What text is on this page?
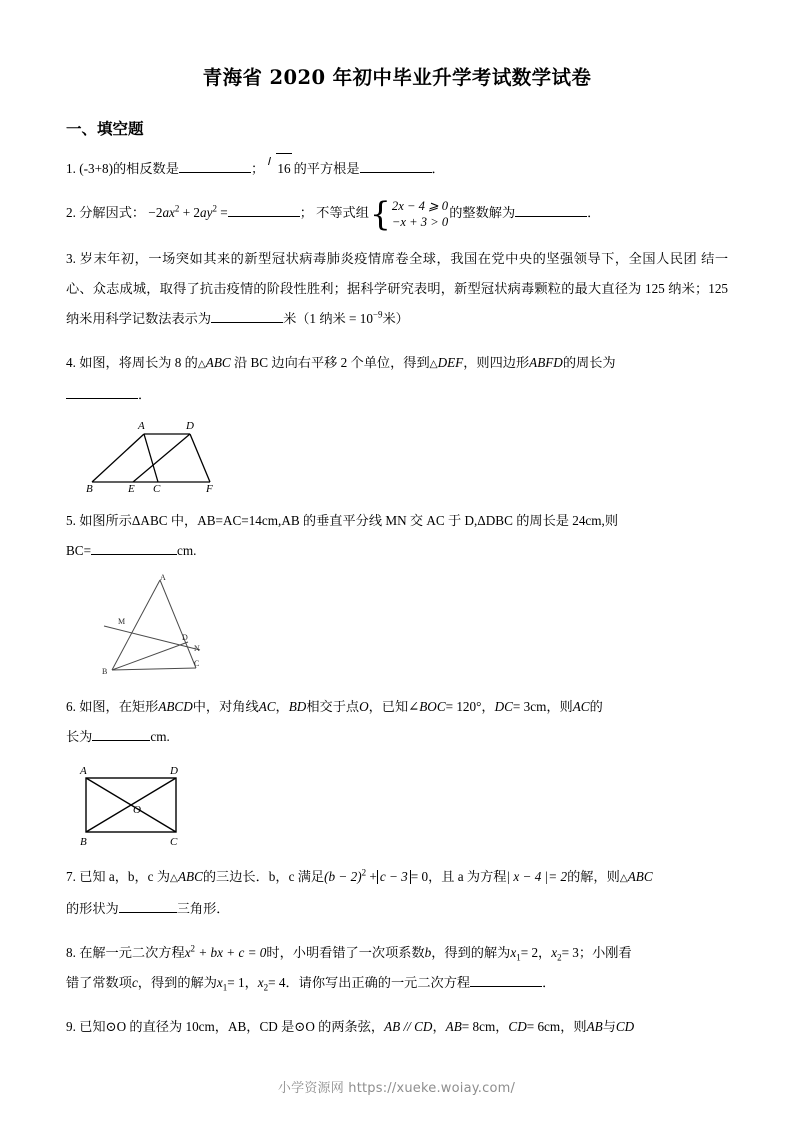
青海省 2020 年初中毕业升学考试数学试卷
一、填空题

1. (-3+8)的相反数是	； 16 的平方根是	．

2. 分解因式： $-2ax^2 + 2ay^2$ =	； 不等式组 { 2x − 4 ⩾ 0
−x + 3 > 0
的整数解为	．

3. 岁末年初，一场突如其来的新型冠状病毒肺炎疫情席卷全球，我国在党中央的坚强领导下，全国人民团 结一心、众志成城，取得了抗击疫情的阶段性胜利；据科学研究表明，新型冠状病毒颗粒的最大直径为 125 纳米；125 纳米用科学记数法表示为	米（1 纳米 = $10^{-9}$米）

4. 如图，将周长为 8 的△ABC 沿 BC 边向右平移 2 个单位，得到△DEF，则四边形ABFD的周长为
．

A	D
B	E C	F

5. 如图所示ΔABC 中，AB=AC=14cm,AB 的垂直平分线 MN 交 AC 于 D,ΔDBC 的周长是 24cm,则
BC=	cm.

A
M
D
N
B
C

6. 如图，在矩形ABCD中，对角线AC，BD相交于点O，已知∠BOC= 120°，DC= 3cm，则AC的
长为	cm.

A	D
O
B	C

7. 已知 a，b，c 为△ABC的三边长．b，c 满足$(b - 2)^2 + c - 3 = 0$，且 a 为方程| x − 4 |= 2的解，则△ABC
的形状为	三角形．

8. 在解一元二次方程$x^2$ + bx + c = 0时，小明看错了一次项系数b，得到的解为$x_1= 2$，$x_2= 3$；小刚看
错了常数项c，得到的解为$x_1= 1$，$x_2= 4$．请你写出正确的一元二次方程	．

9. 已知⊙O 的直径为 10cm，AB，CD 是⊙O 的两条弦，AB // CD，AB= 8cm，CD= 6cm，则AB与CD

小学资源网 https://xueke.woiay.com/
